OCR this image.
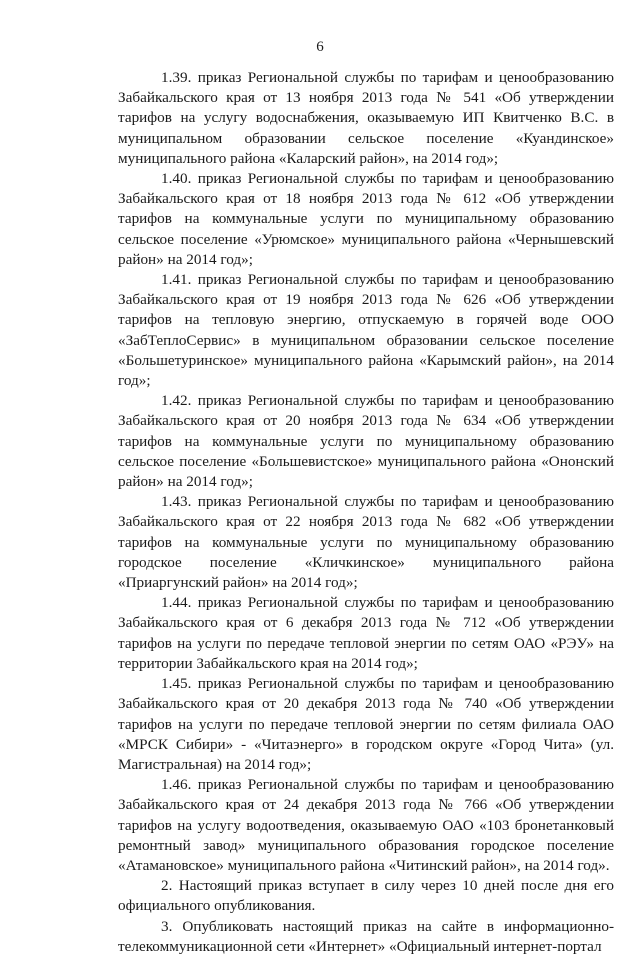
6

1.39. приказ Региональной службы по тарифам и ценообразованию Забайкальского края от 13 ноября 2013 года № 541 «Об утверждении тарифов на услугу водоснабжения, оказываемую ИП Квитченко В.С. в муниципальном образовании сельское поселение «Куандинское» муниципального района «Каларский район», на 2014 год»;

1.40. приказ Региональной службы по тарифам и ценообразованию Забайкальского края от 18 ноября 2013 года № 612 «Об утверждении тарифов на коммунальные услуги по муниципальному образованию сельское поселение «Урюмское» муниципального района «Чернышевский район» на 2014 год»;

1.41. приказ Региональной службы по тарифам и ценообразованию Забайкальского края от 19 ноября 2013 года № 626 «Об утверждении тарифов на тепловую энергию, отпускаемую в горячей воде ООО «ЗабТеплоСервис» в муниципальном образовании сельское поселение «Большетуринское» муниципального района «Карымский район», на 2014 год»;

1.42. приказ Региональной службы по тарифам и ценообразованию Забайкальского края от 20 ноября 2013 года № 634 «Об утверждении тарифов на коммунальные услуги по муниципальному образованию сельское поселение «Большевистское» муниципального района «Ононский район» на 2014 год»;

1.43. приказ Региональной службы по тарифам и ценообразованию Забайкальского края от 22 ноября 2013 года № 682 «Об утверждении тарифов на коммунальные услуги по муниципальному образованию городское поселение «Кличкинское» муниципального района «Приаргунский район» на 2014 год»;

1.44. приказ Региональной службы по тарифам и ценообразованию Забайкальского края от 6 декабря 2013 года № 712 «Об утверждении тарифов на услуги по передаче тепловой энергии по сетям ОАО «РЭУ» на территории Забайкальского края на 2014 год»;

1.45. приказ Региональной службы по тарифам и ценообразованию Забайкальского края от 20 декабря 2013 года № 740 «Об утверждении тарифов на услуги по передаче тепловой энергии по сетям филиала ОАО «МРСК Сибири» - «Читаэнерго» в городском округе «Город Чита» (ул. Магистральная) на 2014 год»;

1.46. приказ Региональной службы по тарифам и ценообразованию Забайкальского края от 24 декабря 2013 года № 766 «Об утверждении тарифов на услугу водоотведения, оказываемую ОАО «103 бронетанковый ремонтный завод» муниципального образования городское поселение «Атамановское» муниципального района «Читинский район», на 2014 год».

2. Настоящий приказ вступает в силу через 10 дней после дня его официального опубликования.

3. Опубликовать настоящий приказ на сайте в информационно-телекоммуникационной сети «Интернет» «Официальный интернет-портал
